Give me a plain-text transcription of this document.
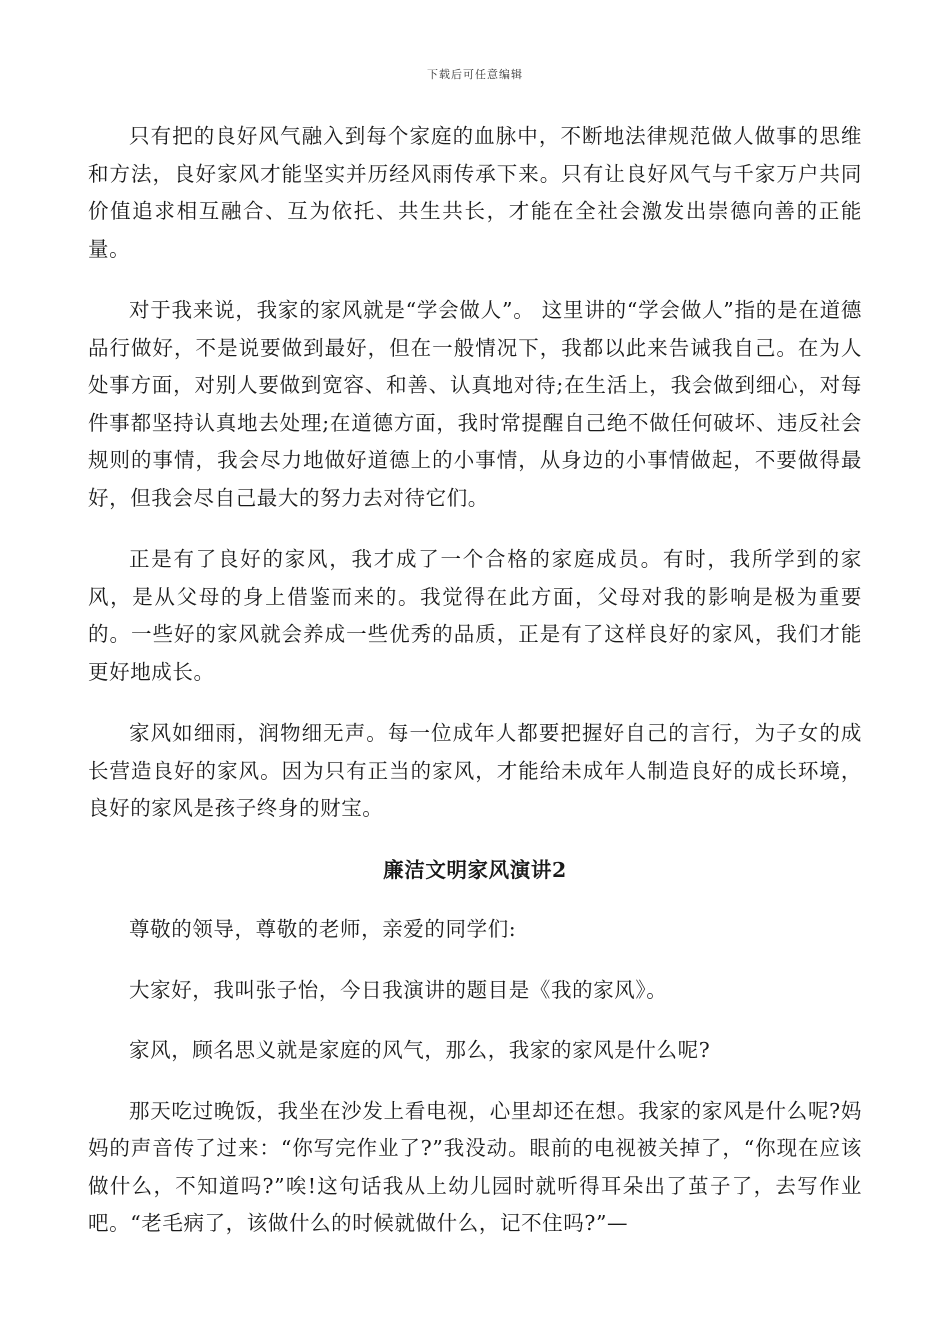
下载后可任意编辑

只有把的良好风气融入到每个家庭的血脉中，不断地法律规范做人做事的思维和方法，良好家风才能坚实并历经风雨传承下来。只有让良好风气与千家万户共同价值追求相互融合、互为依托、共生共长，才能在全社会激发出崇德向善的正能量。

对于我来说，我家的家风就是“学会做人”。 这里讲的“学会做人”指的是在道德品行做好，不是说要做到最好，但在一般情况下，我都以此来告诫我自己。在为人处事方面，对别人要做到宽容、和善、认真地对待;在生活上，我会做到细心，对每件事都坚持认真地去处理;在道德方面，我时常提醒自己绝不做任何破坏、违反社会规则的事情，我会尽力地做好道德上的小事情，从身边的小事情做起，不要做得最好，但我会尽自己最大的努力去对待它们。

正是有了良好的家风，我才成了一个合格的家庭成员。有时，我所学到的家风，是从父母的身上借鉴而来的。我觉得在此方面，父母对我的影响是极为重要的。一些好的家风就会养成一些优秀的品质，正是有了这样良好的家风，我们才能更好地成长。

家风如细雨，润物细无声。每一位成年人都要把握好自己的言行，为子女的成长营造良好的家风。因为只有正当的家风，才能给未成年人制造良好的成长环境，良好的家风是孩子终身的财宝。

廉洁文明家风演讲2

尊敬的领导，尊敬的老师，亲爱的同学们:

大家好，我叫张子怡，今日我演讲的题目是《我的家风》。

家风，顾名思义就是家庭的风气，那么，我家的家风是什么呢?

那天吃过晚饭，我坐在沙发上看电视，心里却还在想。我家的家风是什么呢?妈妈的声音传了过来：“你写完作业了?”我没动。眼前的电视被关掉了，“你现在应该做什么，不知道吗?”唉!这句话我从上幼儿园时就听得耳朵出了茧子了，去写作业吧。“老毛病了，该做什么的时候就做什么，记不住吗?”—
